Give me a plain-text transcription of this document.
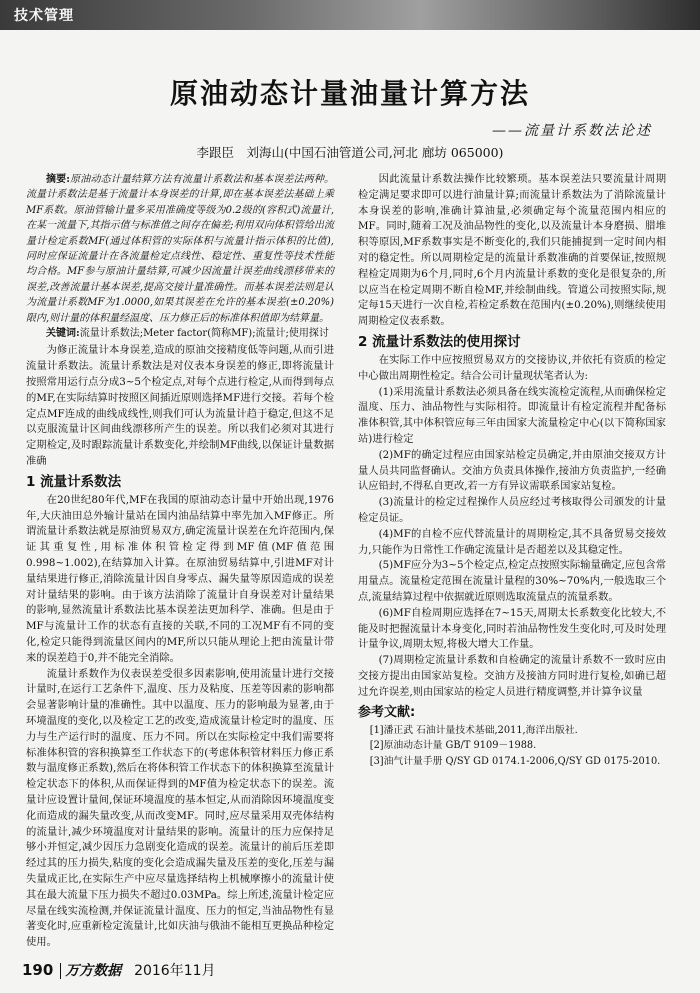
技术管理
原油动态计量油量计算方法
——流量计系数法论述
李跟臣　刘海山(中国石油管道公司,河北 廊坊 065000)

摘要:原油动态计量结算方法有流量计系数法和基本误差法两种。流量计系数法是基于流量计本身误差的计算,即在基本误差法基础上乘MF系数。原油管输计量多采用准确度等级为0.2级的(容积式)流量计,在某一流量下,其指示值与标准值之间存在偏差;利用双向体积管给出流量计检定系数MF(通过体积管的实际体积与流量计指示体积的比值),同时应保证流量计在各流量检定点线性、稳定性、重复性等技术性能均合格。MF参与原油计量结算,可减少因流量计误差曲线漂移带来的误差,改善流量计基本误差,提高交接计量准确性。而基本误差法则是认为流量计系数MF为1.0000,如果其误差在允许的基本误差(±0.20%)限内,则计量的体积量经温度、压力修正后的标准体积值即为结算量。

关键词:流量计系数法;Meter factor(简称MF);流量计;使用探讨

为修正流量计本身误差,造成的原油交接精度低等问题,从而引进流量计系数法。流量计系数法是对仪表本身误差的修正,即将流量计按照常用运行点分成3~5个检定点,对每个点进行检定,从而得到每点的MF,在实际结算时按照区间插近原则选择MF进行交接。若每个检定点MF连成的曲线成线性,则我们可认为流量计趋于稳定,但这不足以克服流量计区间曲线漂移所产生的误差。所以我们必须对其进行定期检定,及时跟踪流量计系数变化,并绘制MF曲线,以保证计量数据准确

1 流量计系数法

在20世纪80年代,MF在我国的原油动态计量中开始出现,1976年,大庆油田总外输计量站在国内油品结算中率先加入MF修正。所谓流量计系数法就是原油贸易双方,确定流量计误差在允许范围内,保证其重复性,用标准体积管检定得到MF值(MF值范围0.998~1.002),在结算加入计算。在原油贸易结算中,引进MF对计量结果进行修正,消除流量计因自身零点、漏失量等原因造成的误差对计量结果的影响。由于该方法消除了流量计自身误差对计量结果的影响,显然流量计系数法比基本误差法更加科学、准确。但是由于MF与流量计工作的状态有直接的关联,不同的工况MF有不同的变化,检定只能得到流量区间内的MF,所以只能从理论上把由流量计带来的误差趋于0,并不能完全消除。

流量计系数作为仪表误差受很多因素影响,使用流量计进行交接计量时,在运行工艺条件下,温度、压力及粘度、压差等因素的影响都会显著影响计量的准确性。其中以温度、压力的影响最为显著,由于环境温度的变化,以及检定工艺的改变,造成流量计检定时的温度、压力与生产运行时的温度、压力不同。所以在实际检定中我们需要将标准体积管的容积换算至工作状态下的(考虑体积管材料压力修正系数与温度修正系数),然后在将体积管工作状态下的体积换算至流量计检定状态下的体积,从而保证得到的MF值为检定状态下的误差。流量计应设置计量间,保证环境温度的基本恒定,从而消除因环境温度变化而造成的漏失量改变,从而改变MF。同时,应尽量采用双壳体结构的流量计,减少环境温度对计量结果的影响。流量计的压力应保持足够小并恒定,减少因压力急剧变化造成的误差。流量计的前后压差即经过其的压力损失,粘度的变化会造成漏失量及压差的变化,压差与漏失量成正比,在实际生产中应尽量选择结构上机械摩擦小的流量计使其在最大流量下压力损失不超过0.03MPa。综上所述,流量计检定应尽量在线实流检测,并保证流量计温度、压力的恒定,当油品物性有显著变化时,应重新检定流量计,比如庆油与俄油不能相互更换品种检定使用。

因此流量计系数法操作比较繁琐。基本误差法只要流量计周期检定满足要求即可以进行油量计算;而流量计系数法为了消除流量计本身误差的影响,准确计算油量,必须确定每个流量范围内相应的MF。同时,随着工况及油品物性的变化,以及流量计本身磨损、腊堆积等原因,MF系数事实是不断变化的,我们只能捕捉到一定时间内相对的稳定性。所以周期检定是的流量计系数准确的首要保证,按照规程检定周期为6个月,同时,6个月内流量计系数的变化是很复杂的,所以应当在检定周期不断自检MF,并绘制曲线。管道公司按照实际,规定每15天进行一次自检,若检定系数在范围内(±0.20%),则继续使用周期检定仪表系数。

2 流量计系数法的使用探讨

在实际工作中应按照贸易双方的交接协议,并依托有资质的检定中心做出周期性检定。结合公司计量现状笔者认为:

(1)采用流量计系数法必须具备在线实流检定流程,从而确保检定温度、压力、油品物性与实际相符。即流量计有检定流程并配备标准体积管,其中体积管应每三年由国家大流量检定中心(以下简称国家站)进行检定

(2)MF的确定过程应由国家站检定员确定,并由原油交接双方计量人员共同监督确认。交油方负责具体操作,接油方负责监护,一经确认应铅封,不得私自更改,若一方有异议需联系国家站复检。

(3)流量计的检定过程操作人员应经过考核取得公司颁发的计量检定员证。

(4)MF的自检不应代替流量计的周期检定,其不具备贸易交接效力,只能作为日常性工作确定流量计是否超差以及其稳定性。

(5)MF应分为3~5个检定点,检定点按照实际输量确定,应包含常用量点。流量检定范围在流量计量程的30%~70%内,一般选取三个点,流量结算过程中依据就近原则选取流量点的流量系数。

(6)MF自检周期应选择在7~15天,周期太长系数变化比较大,不能及时把握流量计本身变化,同时若油品物性发生变化时,可及时处理计量争议,周期太短,将极大增大工作量。

(7)周期检定流量计系数和自检确定的流量计系数不一致时应由交接方提出由国家站复检。交油方及接油方同时进行复检,如确已超过允许误差,则由国家站的检定人员进行精度调整,并计算争议量

参考文献:
[1]潘正武 石油计量技术基础,2011,海洋出版社.
[2]原油动态计量 GB/T 9109－1988.
[3]油气计量手册 Q/SY GD 0174.1-2006,Q/SY GD 0175-2010.
190 万方数据 2016年11月
